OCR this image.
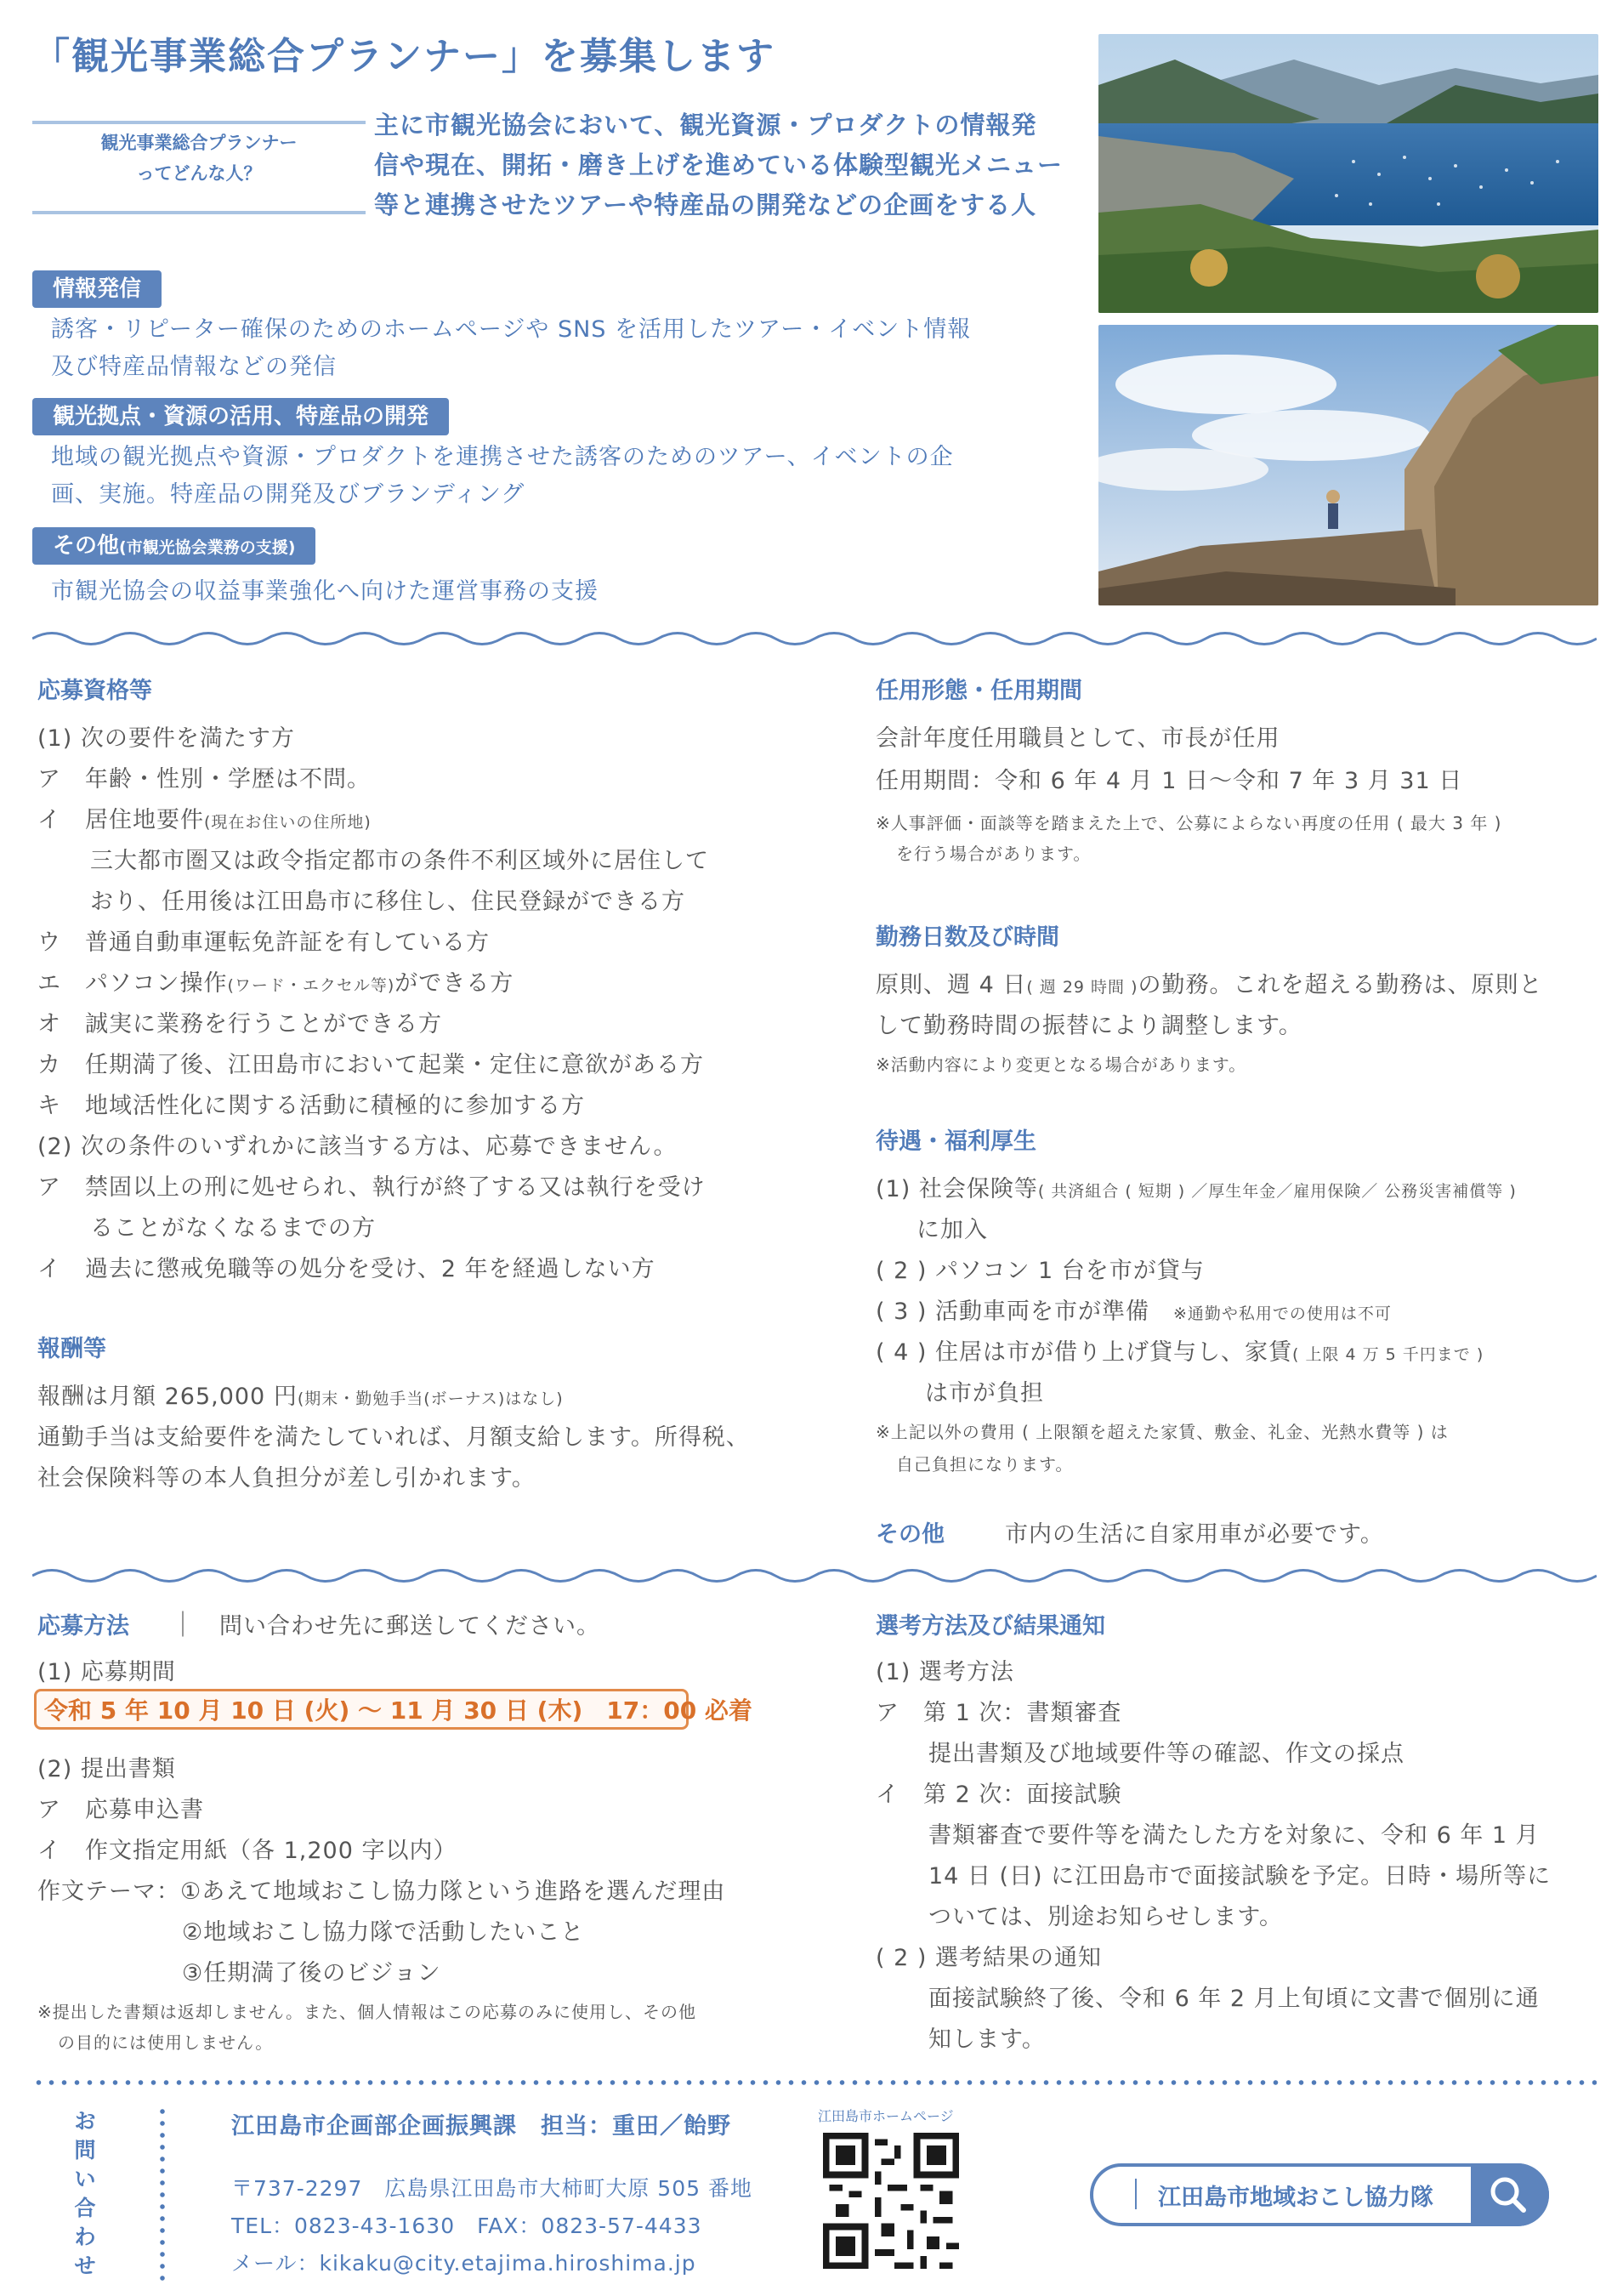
「観光事業総合プランナー」を募集します
観光事業総合プランナー
ってどんな人？
主に市観光協会において、観光資源・プロダクトの情報発
信や現在、開拓・磨き上げを進めている体験型観光メニュー
等と連携させたツアーや特産品の開発などの企画をする人
情報発信
誘客・リピーター確保のためのホームページや SNS を活用したツアー・イベント情報
及び特産品情報などの発信
観光拠点・資源の活用、特産品の開発
地域の観光拠点や資源・プロダクトを連携させた誘客のためのツアー、イベントの企
画、実施。特産品の開発及びブランディング
その他(市観光協会業務の支援)
市観光協会の収益事業強化へ向けた運営事務の支援
応募資格等
(1) 次の要件を満たす方
ア　年齢・性別・学歴は不問。
イ　居住地要件(現在お住いの住所地)
三大都市圏又は政令指定都市の条件不利区域外に居住して
おり、任用後は江田島市に移住し、住民登録ができる方
ウ　普通自動車運転免許証を有している方
エ　パソコン操作(ワード・エクセル等)ができる方
オ　誠実に業務を行うことができる方
カ　任期満了後、江田島市において起業・定住に意欲がある方
キ　地域活性化に関する活動に積極的に参加する方
(2) 次の条件のいずれかに該当する方は、応募できません。
ア　禁固以上の刑に処せられ、執行が終了する又は執行を受け
ることがなくなるまでの方
イ　過去に懲戒免職等の処分を受け、2 年を経過しない方
報酬等
報酬は月額 265,000 円(期末・勤勉手当(ボーナス)はなし)
通勤手当は支給要件を満たしていれば、月額支給します。所得税、
社会保険料等の本人負担分が差し引かれます。
任用形態・任用期間
会計年度任用職員として、市長が任用
任用期間：令和 6 年 4 月 1 日〜令和 7 年 3 月 31 日
※人事評価・面談等を踏まえた上で、公募によらない再度の任用 ( 最大 3 年 )
を行う場合があります。
勤務日数及び時間
原則、週 4 日( 週 29 時間 )の勤務。これを超える勤務は、原則と
して勤務時間の振替により調整します。
※活動内容により変更となる場合があります。
待遇・福利厚生
(1) 社会保険等( 共済組合 ( 短期 ) ／厚生年金／雇用保険／ 公務災害補償等 )
に加入
( 2 ) パソコン 1 台を市が貸与
( 3 ) 活動車両を市が準備　 ※通勤や私用での使用は不可
( 4 ) 住居は市が借り上げ貸与し、家賃( 上限 4 万 5 千円まで )
は市が負担
※上記以外の費用 ( 上限額を超えた家賃、敷金、礼金、光熱水費等 ) は
自己負担になります。
その他	市内の生活に自家用車が必要です。
応募方法 ｜ 問い合わせ先に郵送してください。
(1) 応募期間
令和 5 年 10 月 10 日 (火) 〜 11 月 30 日 (木)　17：00 必着
(2) 提出書類
ア　応募申込書
イ　作文指定用紙（各 1,200 字以内）
作文テーマ：①あえて地域おこし協力隊という進路を選んだ理由
②地域おこし協力隊で活動したいこと
③任期満了後のビジョン
※提出した書類は返却しません。また、個人情報はこの応募のみに使用し、その他
の目的には使用しません。
選考方法及び結果通知
(1) 選考方法
ア　第 1 次：書類審査
提出書類及び地域要件等の確認、作文の採点
イ　第 2 次：面接試験
書類審査で要件等を満たした方を対象に、令和 6 年 1 月
14 日 (日) に江田島市で面接試験を予定。日時・場所等に
ついては、別途お知らせします。
( 2 ) 選考結果の通知
面接試験終了後、令和 6 年 2 月上旬頃に文書で個別に通
知します。
お問い合わせ
江田島市企画部企画振興課　担当：重田／飴野
〒737-2297　広島県江田島市大柿町大原 505 番地
TEL：0823-43-1630　FAX：0823-57-4433
メール：kikaku@city.etajima.hiroshima.jp
江田島市ホームページ
江田島市地域おこし協力隊
